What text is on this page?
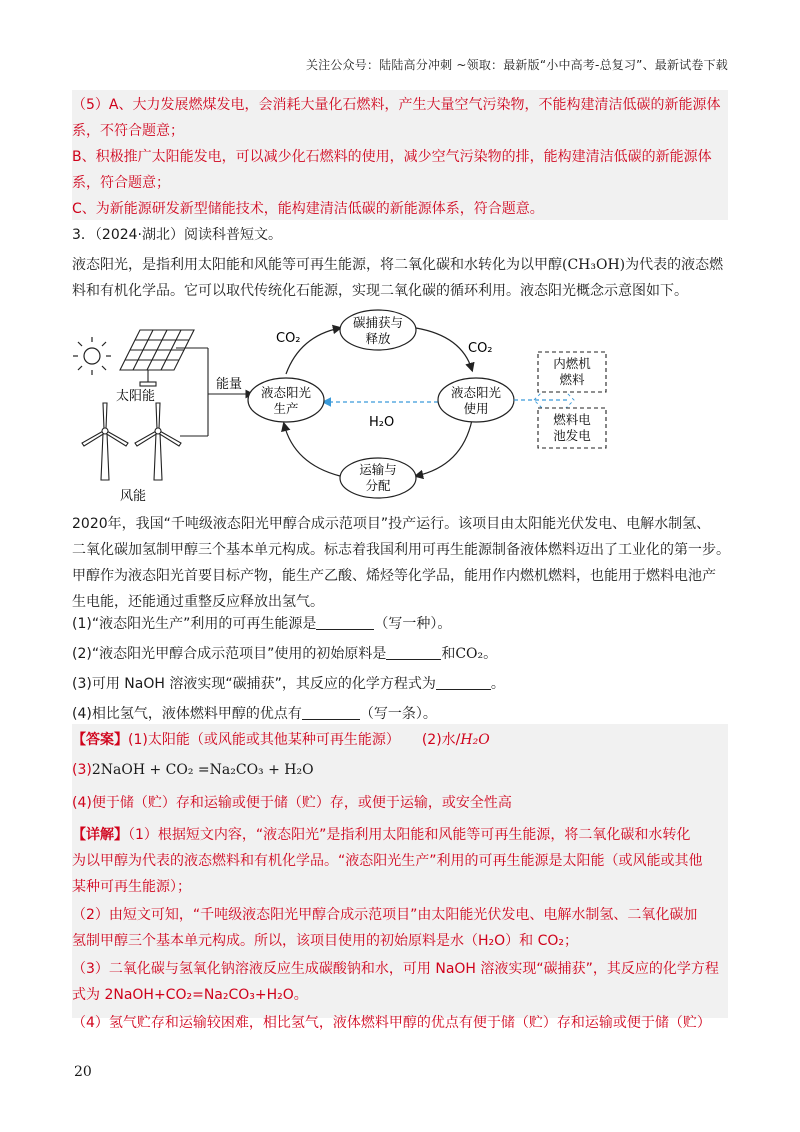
关注公众号：陆陆高分冲刺 ~领取：最新版“小中高考-总复习”、最新试卷下载
（5）A、大力发展燃煤发电，会消耗大量化石燃料，产生大量空气污染物，不能构建清洁低碳的新能源体
系，不符合题意；
B、积极推广太阳能发电，可以减少化石燃料的使用，减少空气污染物的排，能构建清洁低碳的新能源体
系，符合题意；
C、为新能源研发新型储能技术，能构建清洁低碳的新能源体系，符合题意。
3．（2024·湖北）阅读科普短文。
液态阳光，是指利用太阳能和风能等可再生能源，将二氧化碳和水转化为以甲醇(CH₃OH)为代表的液态燃
料和有机化学品。它可以取代传统化石能源，实现二氧化碳的循环利用。液态阳光概念示意图如下。
太阳能
风能
能量
碳捕获与
释放
液态阳光
生产
液态阳光
使用
运输与
分配
CO₂
CO₂
H₂O
内燃机
燃料
燃料电
池发电
2020年，我国“千吨级液态阳光甲醇合成示范项目”投产运行。该项目由太阳能光伏发电、电解水制氢、
二氧化碳加氢制甲醇三个基本单元构成。标志着我国利用可再生能源制备液体燃料迈出了工业化的第一步。
甲醇作为液态阳光首要目标产物，能生产乙酸、烯烃等化学品，能用作内燃机燃料，也能用于燃料电池产
生电能，还能通过重整反应释放出氢气。
(1)“液态阳光生产”利用的可再生能源是	（写一种）。
(2)“液态阳光甲醇合成示范项目”使用的初始原料是	和CO₂。
(3)可用 NaOH 溶液实现“碳捕获”，其反应的化学方程式为	。
(4)相比氢气，液体燃料甲醇的优点有	（写一条）。
【答案】(1)太阳能（或风能或其他某种可再生能源） (2)水/H₂O
(3)2NaOH + CO₂ =Na₂CO₃ + H₂O
(4)便于储（贮）存和运输或便于储（贮）存，或便于运输，或安全性高
【详解】（1）根据短文内容，“液态阳光”是指利用太阳能和风能等可再生能源，将二氧化碳和水转化
为以甲醇为代表的液态燃料和有机化学品。“液态阳光生产”利用的可再生能源是太阳能（或风能或其他
某种可再生能源）；
（2）由短文可知，“千吨级液态阳光甲醇合成示范项目”由太阳能光伏发电、电解水制氢、二氧化碳加
氢制甲醇三个基本单元构成。所以，该项目使用的初始原料是水（H₂O）和 CO₂；
（3）二氧化碳与氢氧化钠溶液反应生成碳酸钠和水，可用 NaOH 溶液实现“碳捕获”，其反应的化学方程
式为 2NaOH+CO₂=Na₂CO₃+H₂O。
（4）氢气贮存和运输较困难，相比氢气，液体燃料甲醇的优点有便于储（贮）存和运输或便于储（贮）
20
